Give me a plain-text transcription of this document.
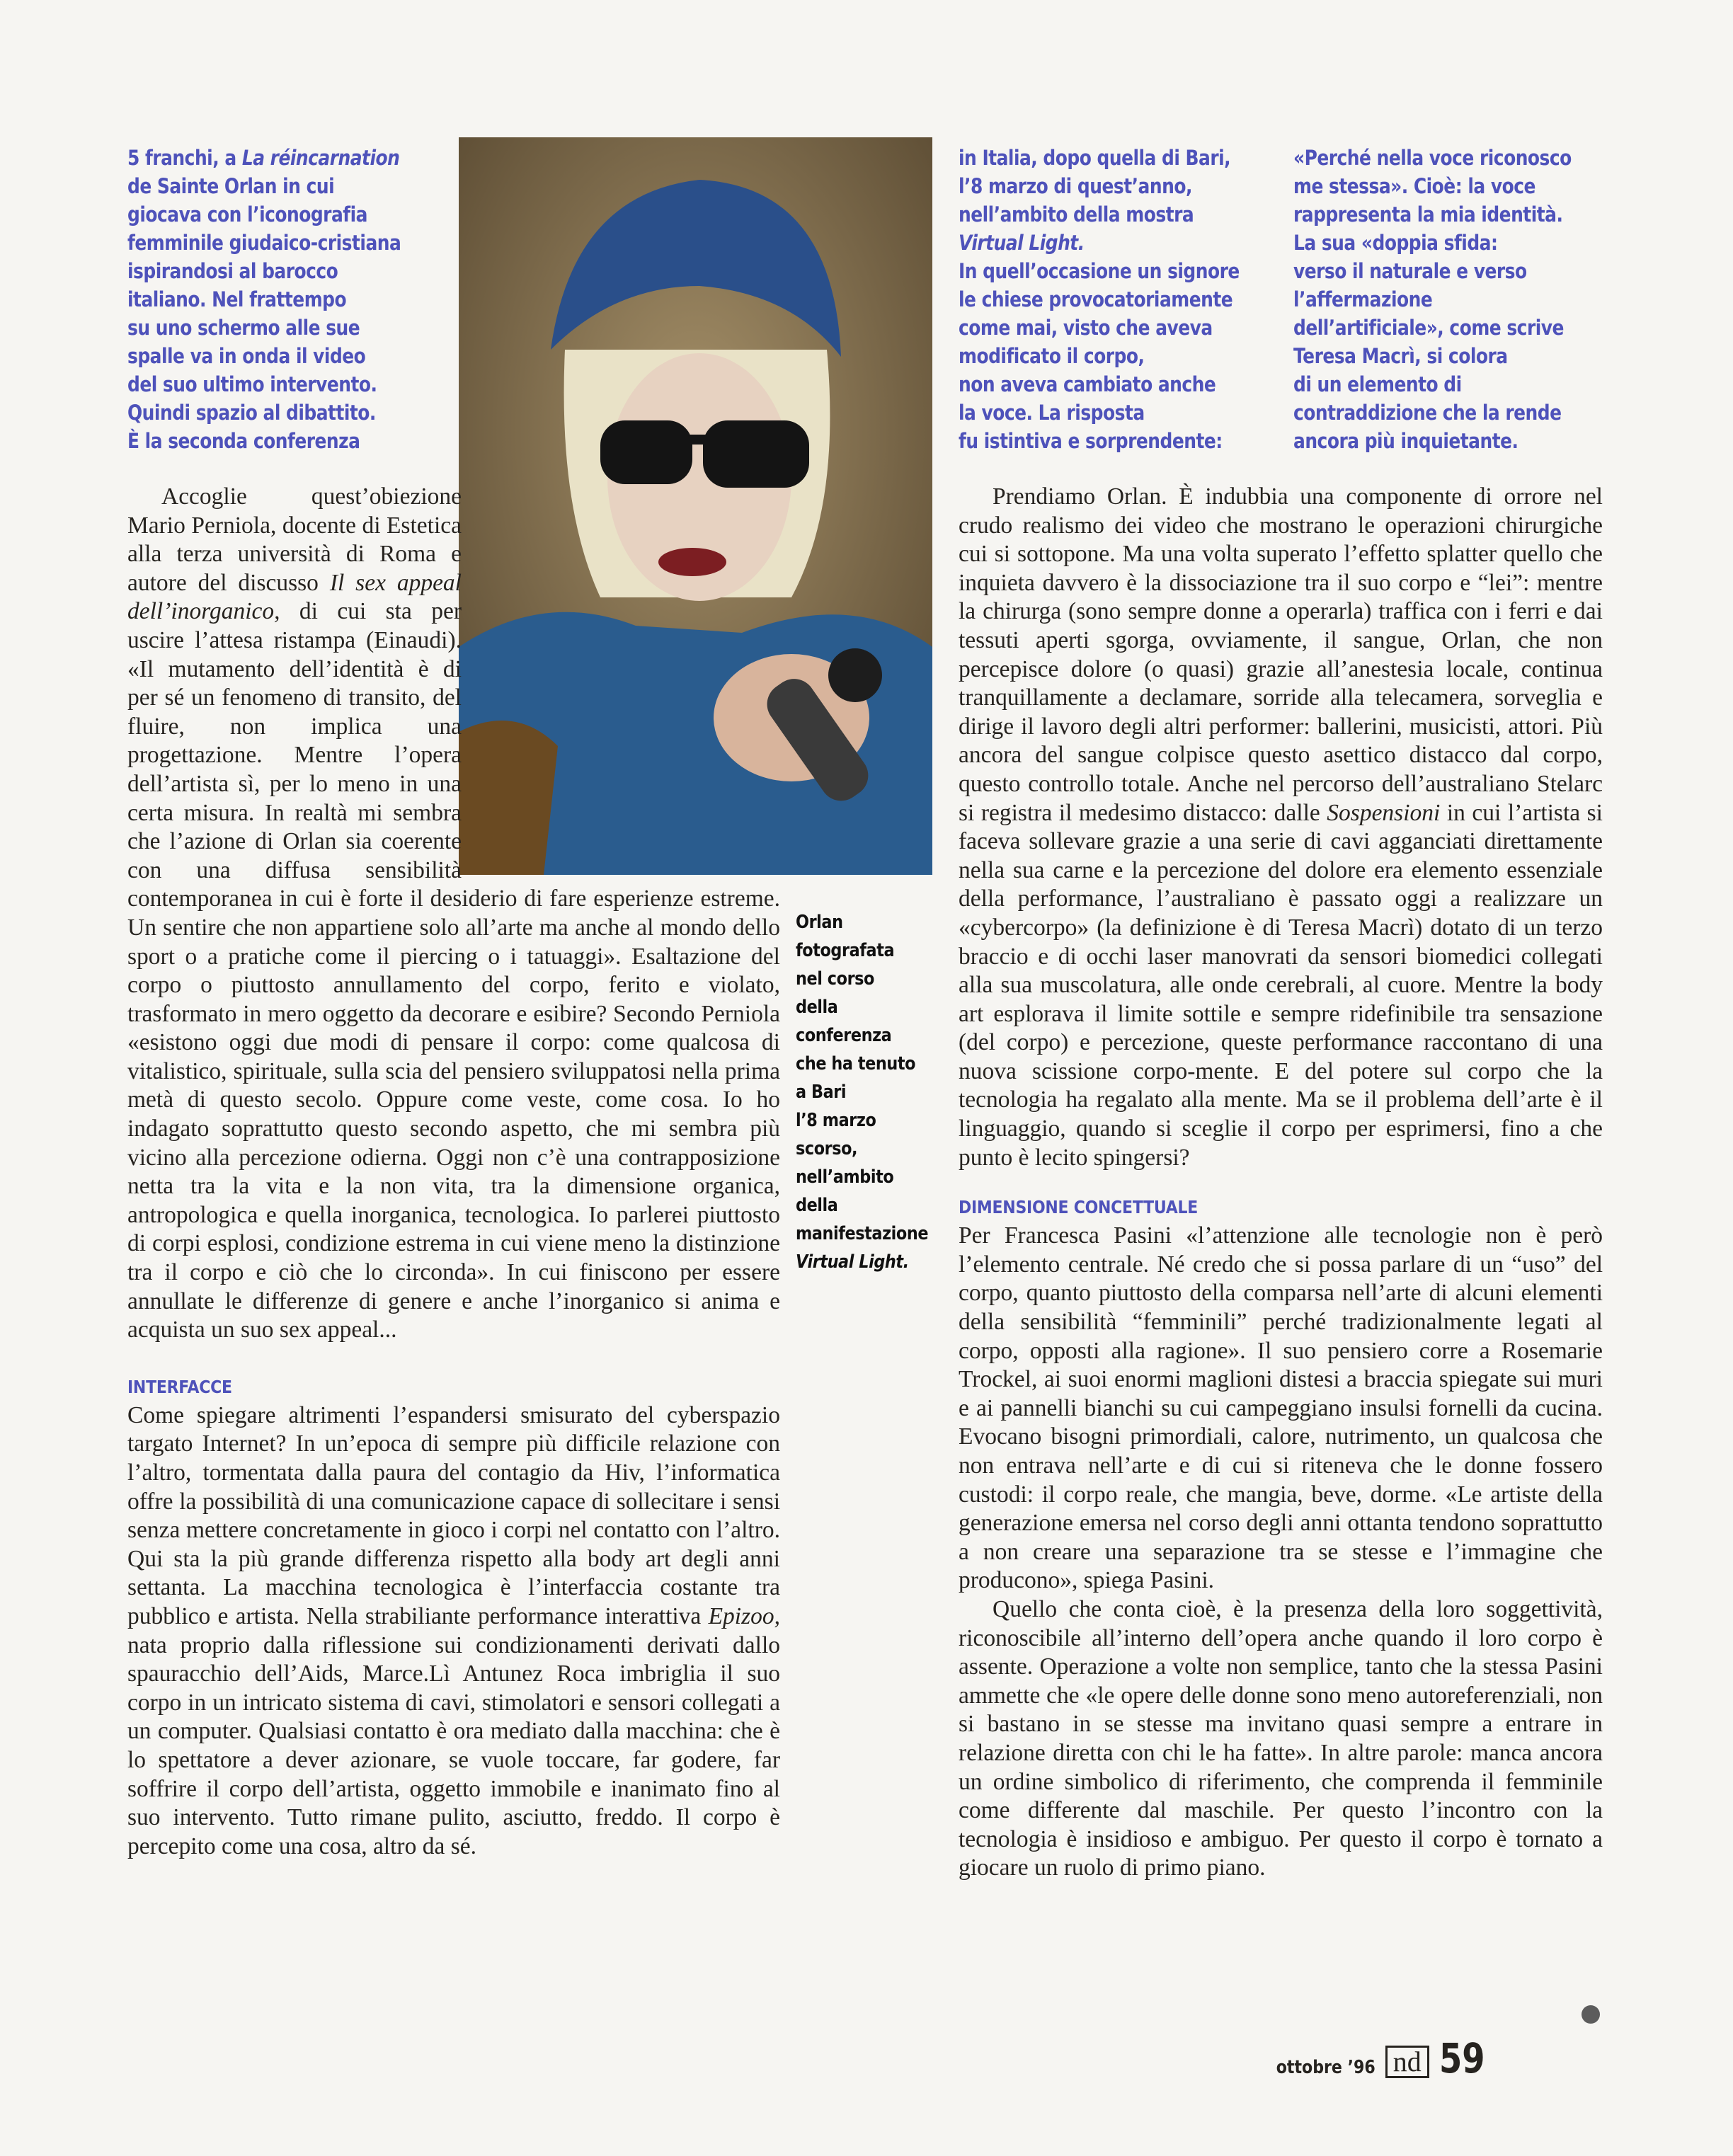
5 franchi, a La réincarnation

de Sainte Orlan in cui

giocava con l’iconografia

femminile giudaico-cristiana

ispirandosi al barocco

italiano. Nel frattempo

su uno schermo alle sue

spalle va in onda il video

del suo ultimo intervento.

Quindi spazio al dibattito.

È la seconda conferenza

in Italia, dopo quella di Bari,

l’8 marzo di quest’anno,

nell’ambito della mostra

Virtual Light.

In quell’occasione un signore

le chiese provocatoriamente

come mai, visto che aveva

modificato il corpo,

non aveva cambiato anche

la voce. La risposta

fu istintiva e sorprendente:

«Perché nella voce riconosco

me stessa». Cioè: la voce

rappresenta la mia identità.

La sua «doppia sfida:

verso il naturale e verso

l’affermazione

dell’artificiale», come scrive

Teresa Macrì, si colora

di un elemento di

contraddizione che la rende

ancora più inquietante.

Orlan
fotografata
nel corso
della
conferenza
che ha tenuto
a Bari
l’8 marzo
scorso,
nell’ambito
della
manifestazione
Virtual Light.

Accoglie quest’obiezione Mario Perniola, docente di Estetica alla terza università di Roma e autore del discusso Il sex appeal dell’inorganico, di cui sta per uscire l’attesa ristampa (Einaudi). «Il mutamento dell’identità è di per sé un fenomeno di transito, del fluire, non implica una progettazione. Mentre l’opera dell’artista sì, per lo meno in una certa misura. In realtà mi sembra che l’azione di Orlan sia coerente con una diffusa sensibilità contemporanea in cui è forte il desiderio di fare esperienze estreme. Un sentire che non appartiene solo all’arte ma anche al mondo dello sport o a pratiche come il piercing o i tatuaggi». Esaltazione del corpo o piuttosto annullamento del corpo, ferito e violato, trasformato in mero oggetto da decorare e esibire? Secondo Perniola «esistono oggi due modi di pensare il corpo: come qualcosa di vitalistico, spirituale, sulla scia del pensiero sviluppatosi nella prima metà di questo secolo. Oppure come veste, come cosa. Io ho indagato soprattutto questo secondo aspetto, che mi sembra più vicino alla percezione odierna. Oggi non c’è una contrapposizione netta tra la vita e la non vita, tra la dimensione organica, antropologica e quella inorganica, tecnologica. Io parlerei piuttosto di corpi esplosi, condizione estrema in cui viene meno la distinzione tra il corpo e ciò che lo circonda». In cui finiscono per essere annullate le differenze di genere e anche l’inorganico si anima e acquista un suo sex appeal...

INTERFACCE

Come spiegare altrimenti l’espandersi smisurato del cyberspazio targato Internet? In un’epoca di sempre più difficile relazione con l’altro, tormentata dalla paura del contagio da Hiv, l’informatica offre la possibilità di una comunicazione capace di sollecitare i sensi senza mettere concretamente in gioco i corpi nel contatto con l’altro. Qui sta la più grande differenza rispetto alla body art degli anni settanta. La macchina tecnologica è l’interfaccia costante tra pubblico e artista. Nella strabiliante performance interattiva Epizoo, nata proprio dalla riflessione sui condizionamenti derivati dallo spauracchio dell’Aids, Marce.Lì Antunez Roca imbriglia il suo corpo in un intricato sistema di cavi, stimolatori e sensori collegati a un computer. Qualsiasi contatto è ora mediato dalla macchina: che è lo spettatore a dever azionare, se vuole toccare, far godere, far soffrire il corpo dell’artista, oggetto immobile e inanimato fino al suo intervento. Tutto rimane pulito, asciutto, freddo. Il corpo è percepito come una cosa, altro da sé.

Prendiamo Orlan. È indubbia una componente di orrore nel crudo realismo dei video che mostrano le operazioni chirurgiche cui si sottopone. Ma una volta superato l’effetto splatter quello che inquieta davvero è la dissociazione tra il suo corpo e “lei”: mentre la chirurga (sono sempre donne a operarla) traffica con i ferri e dai tessuti aperti sgorga, ovviamente, il sangue, Orlan, che non percepisce dolore (o quasi) grazie all’anestesia locale, continua tranquillamente a declamare, sorride alla telecamera, sorveglia e dirige il lavoro degli altri performer: ballerini, musicisti, attori. Più ancora del sangue colpisce questo asettico distacco dal corpo, questo controllo totale. Anche nel percorso dell’australiano Stelarc si registra il medesimo distacco: dalle Sospensioni in cui l’artista si faceva sollevare grazie a una serie di cavi agganciati direttamente nella sua carne e la percezione del dolore era elemento essenziale della performance, l’australiano è passato oggi a realizzare un «cybercorpo» (la definizione è di Teresa Macrì) dotato di un terzo braccio e di occhi laser manovrati da sensori biomedici collegati alla sua muscolatura, alle onde cerebrali, al cuore. Mentre la body art esplorava il limite sottile e sempre ridefinibile tra sensazione (del corpo) e percezione, queste performance raccontano di una nuova scissione corpo-mente. E del potere sul corpo che la tecnologia ha regalato alla mente. Ma se il problema dell’arte è il linguaggio, quando si sceglie il corpo per esprimersi, fino a che punto è lecito spingersi?

DIMENSIONE CONCETTUALE

Per Francesca Pasini «l’attenzione alle tecnologie non è però l’elemento centrale. Né credo che si possa parlare di un “uso” del corpo, quanto piuttosto della comparsa nell’arte di alcuni elementi della sensibilità “femminili” perché tradizionalmente legati al corpo, opposti alla ragione». Il suo pensiero corre a Rosemarie Trockel, ai suoi enormi maglioni distesi a braccia spiegate sui muri e ai pannelli bianchi su cui campeggiano insulsi fornelli da cucina. Evocano bisogni primordiali, calore, nutrimento, un qualcosa che non entrava nell’arte e di cui si riteneva che le donne fossero custodi: il corpo reale, che mangia, beve, dorme. «Le artiste della generazione emersa nel corso degli anni ottanta tendono soprattutto a non creare una separazione tra se stesse e l’immagine che producono», spiega Pasini.

Quello che conta cioè, è la presenza della loro soggettività, riconoscibile all’interno dell’opera anche quando il loro corpo è assente. Operazione a volte non semplice, tanto che la stessa Pasini ammette che «le opere delle donne sono meno autoreferenziali, non si bastano in se stesse ma invitano quasi sempre a entrare in relazione diretta con chi le ha fatte». In altre parole: manca ancora un ordine simbolico di riferimento, che comprenda il femminile come differente dal maschile. Per questo l’incontro con la tecnologia è insidioso e ambiguo. Per questo il corpo è tornato a giocare un ruolo di primo piano.

ottobre ’96 nd 59
